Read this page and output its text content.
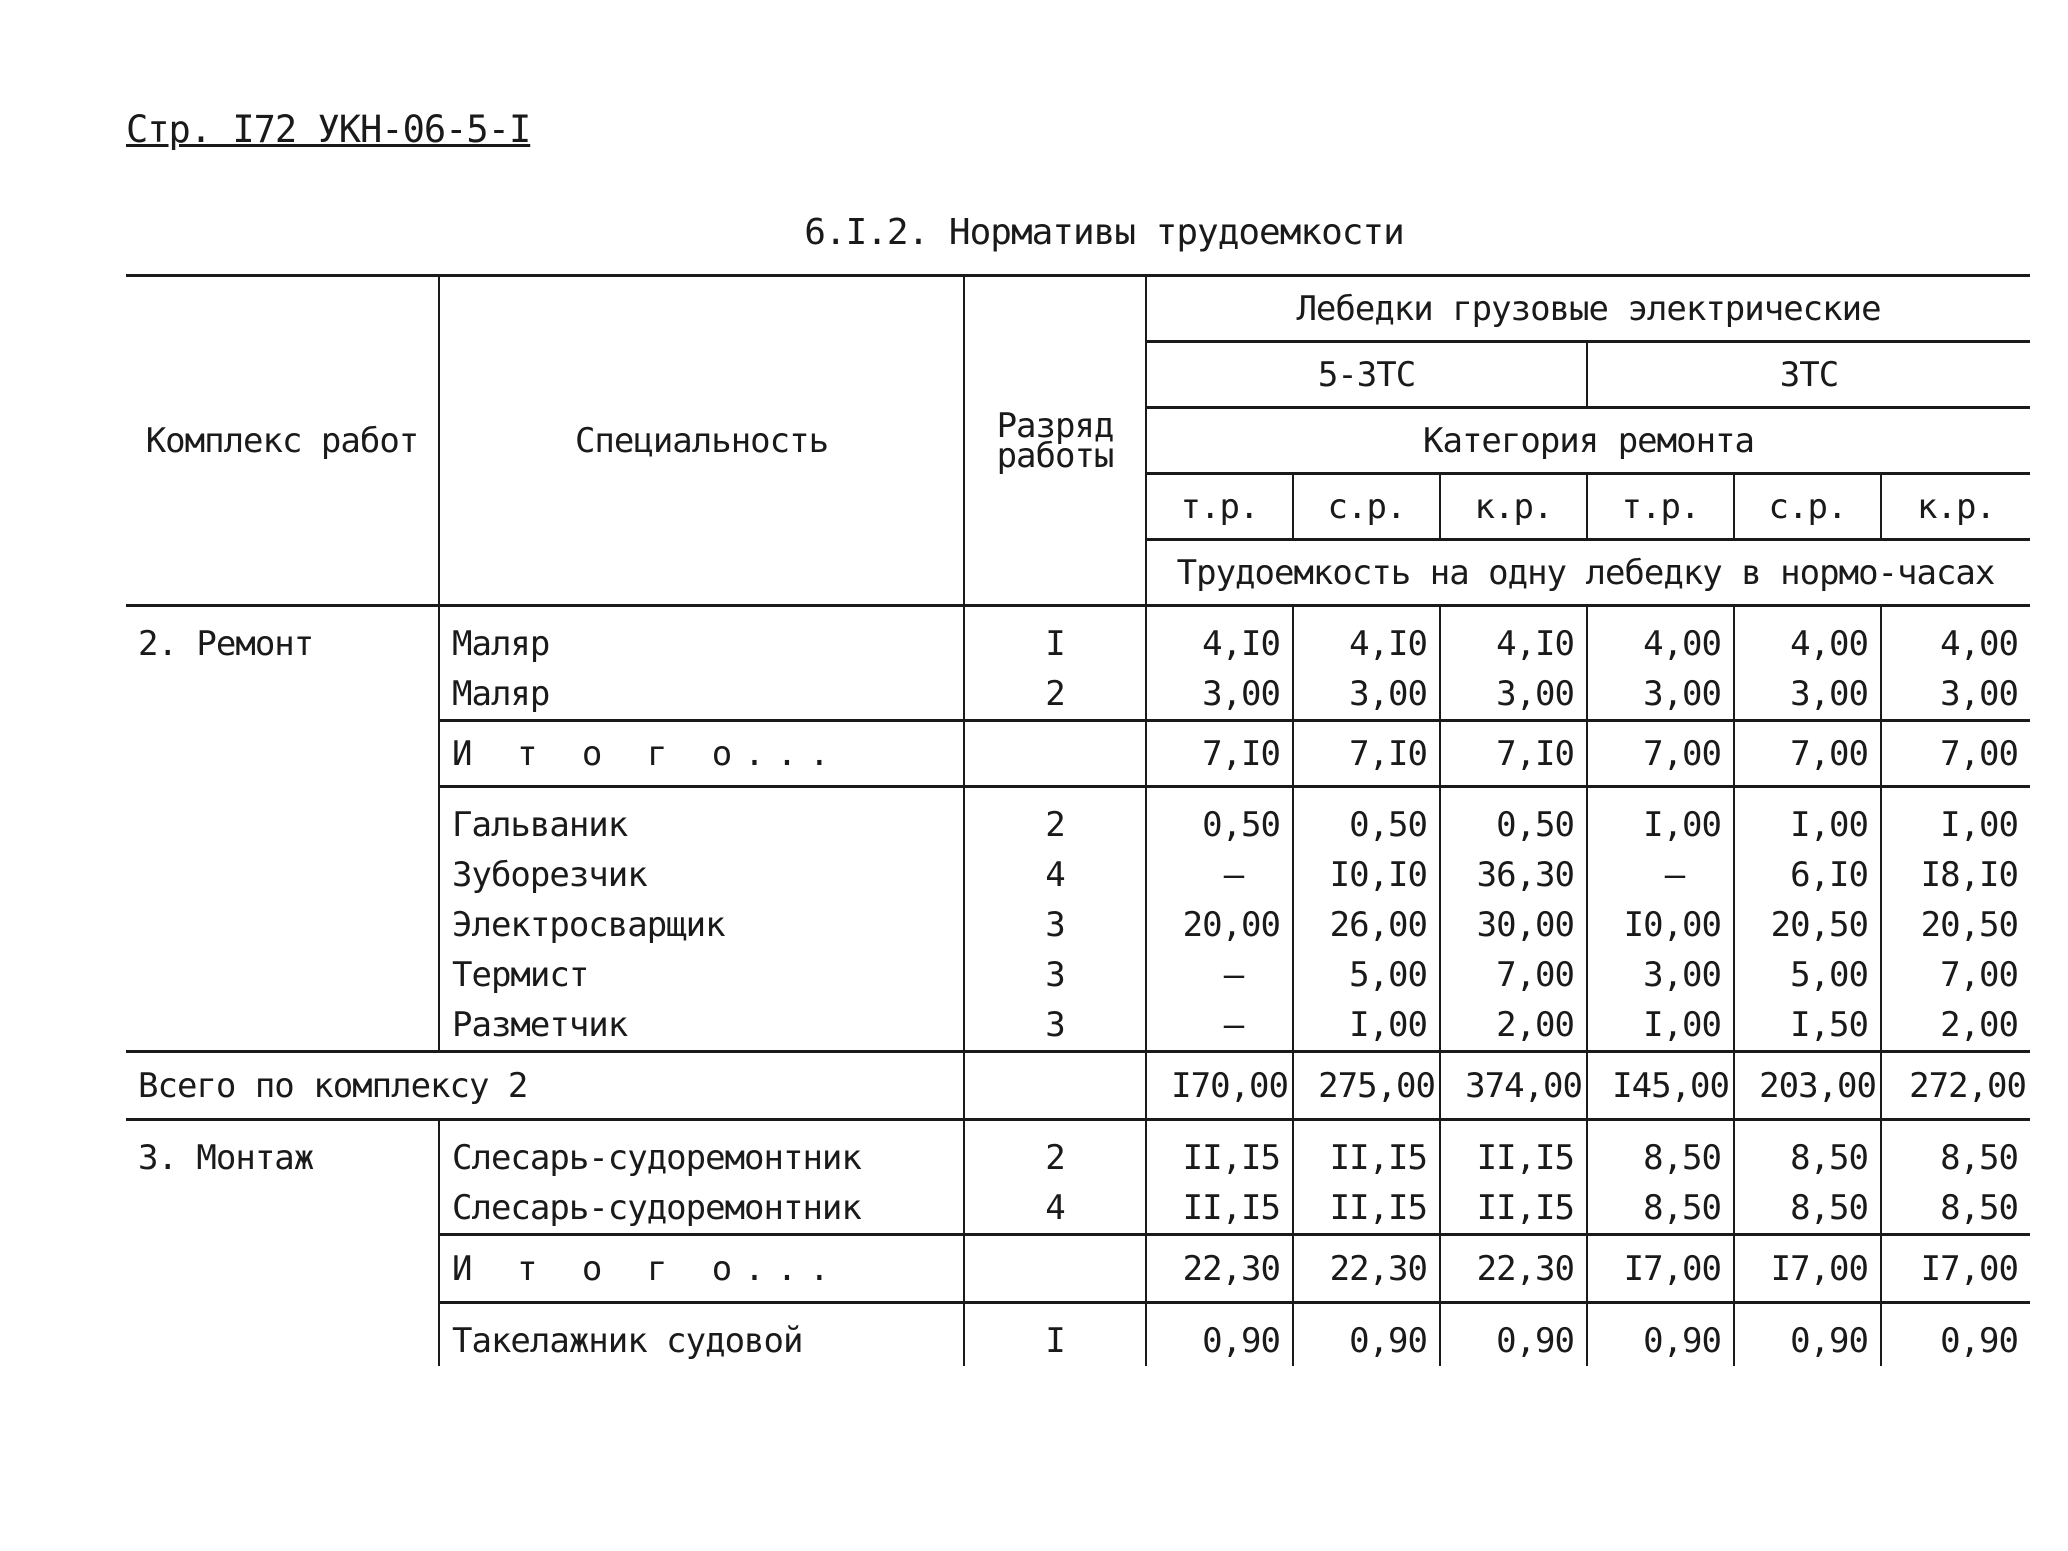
Стр. I72 УКН-06-5-I
6.I.2. Нормативы трудоемкости
Комплекс работ	Специальность	Разряд работы	Лебедки грузовые электрические					
			5-ЗТС			ЗТС		
			Категория ремонта					
			т.р.	с.р.	к.р.	т.р.	с.р.	к.р.
			Трудоемкость на одну лебедку в нормо-часах					
2. Ремонт	Маляр	I	4,I0	4,I0	4,I0	4,00	4,00	4,00
	Маляр	2	3,00	3,00	3,00	3,00	3,00	3,00
	И т о г о...		7,I0	7,I0	7,I0	7,00	7,00	7,00
	Гальваник	2	0,50	0,50	0,50	I,00	I,00	I,00
	Зуборезчик	4	–	I0,I0	36,30	–	6,I0	I8,I0
	Электросварщик	3	20,00	26,00	30,00	I0,00	20,50	20,50
	Термист	3	–	5,00	7,00	3,00	5,00	7,00
	Разметчик	3	–	I,00	2,00	I,00	I,50	2,00
Всего по комплексу 2			I70,00	275,00	374,00	I45,00	203,00	272,00
3. Монтаж	Слесарь-судоремонтник	2	II,I5	II,I5	II,I5	8,50	8,50	8,50
	Слесарь-судоремонтник	4	II,I5	II,I5	II,I5	8,50	8,50	8,50
	И т о г о...		22,30	22,30	22,30	I7,00	I7,00	I7,00
	Такелажник судовой	I	0,90	0,90	0,90	0,90	0,90	0,90
